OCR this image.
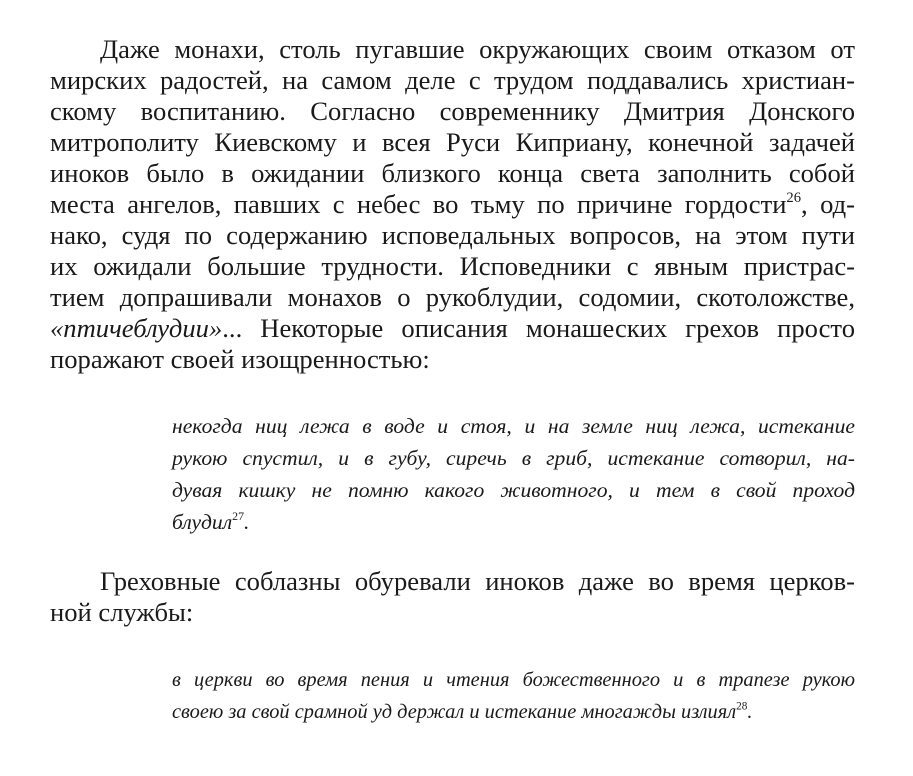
Даже монахи, столь пугавшие окружающих своим отказом от
мирских радостей, на самом деле с трудом поддавались христиан-
скому воспитанию. Согласно современнику Дмитрия Донского
митрополиту Киевскому и всея Руси Киприану, конечной задачей
иноков было в ожидании близкого конца света заполнить собой
места ангелов, павших с небес во тьму по причине гордости$^{26}$, од-
нако, судя по содержанию исповедальных вопросов, на этом пути
их ожидали большие трудности. Исповедники с явным пристрас-
тием допрашивали монахов о рукоблудии, содомии, скотоложстве,
«птичеблудии»... Некоторые описания монашеских грехов просто
поражают своей изощренностью:
некогда ниц лежа в воде и стоя, и на земле ниц лежа, истекание
рукою спустил, и в губу, сиречь в гриб, истекание сотворил, на-
дувая кишку не помню какого животного, и тем в свой проход
блудил$^{27}$.
Греховные соблазны обуревали иноков даже во время церков-
ной службы:
в церкви во время пения и чтения божественного и в трапезе рукою
своею за свой срамной уд держал и истекание многажды излиял$^{28}$.
